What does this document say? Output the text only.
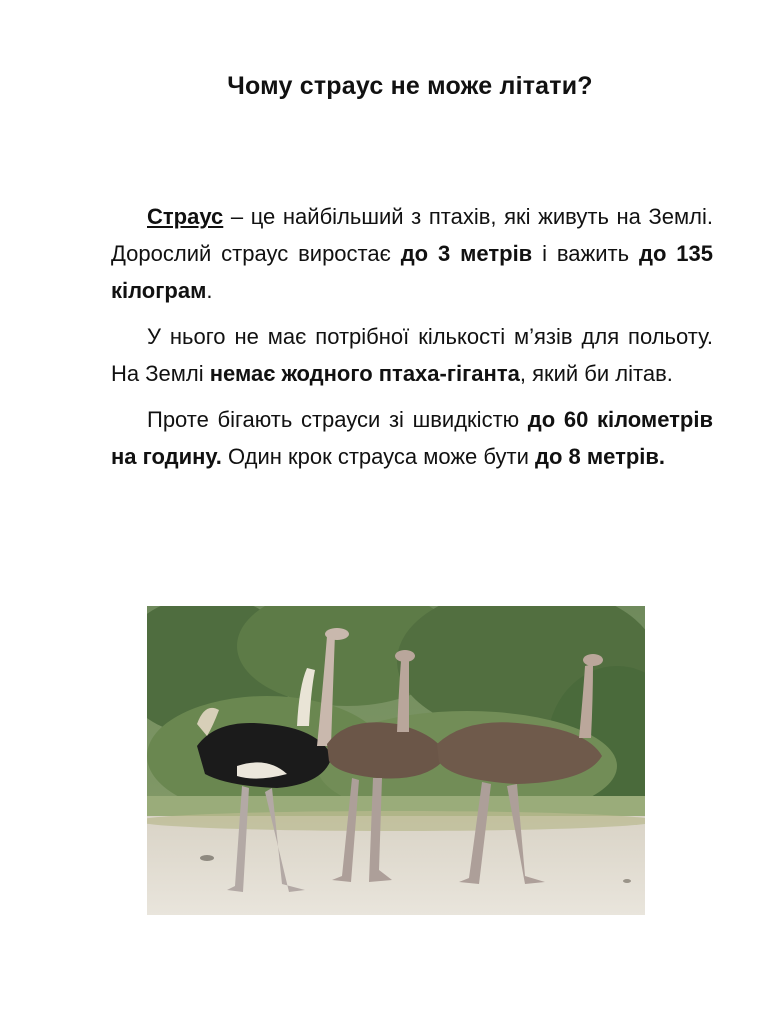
Чому страус не може літати?

Страус – це найбільший з птахів, які живуть на Землі. Дорослий страус виростає до 3 метрів і важить до 135 кілограм.

У нього не має потрібної кількості м’язів для польоту. На Землі немає жодного птаха-гіганта, який би літав.

Проте бігають страуси зі швидкістю до 60 кілометрів на годину. Один крок страуса може бути до 8 метрів.
